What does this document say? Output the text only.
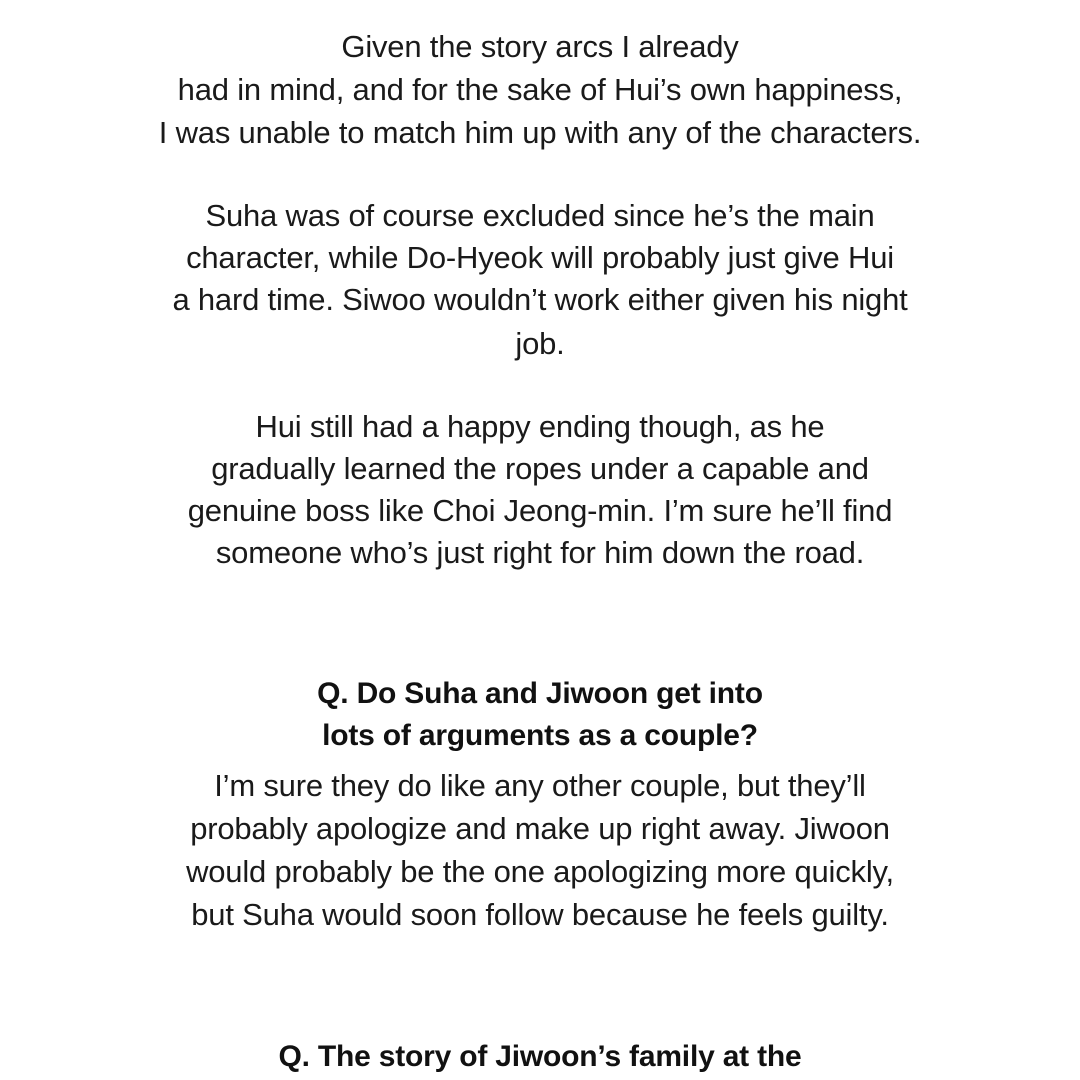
Given the story arcs I already
had in mind, and for the sake of Hui’s own happiness,
I was unable to match him up with any of the characters.
Suha was of course excluded since he’s the main
character, while Do-Hyeok will probably just give Hui
a hard time. Siwoo wouldn’t work either given his night
job.
Hui still had a happy ending though, as he
gradually learned the ropes under a capable and
genuine boss like Choi Jeong-min. I’m sure he’ll find
someone who’s just right for him down the road.
Q. Do Suha and Jiwoon get into
lots of arguments as a couple?
I’m sure they do like any other couple, but they’ll
probably apologize and make up right away. Jiwoon
would probably be the one apologizing more quickly,
but Suha would soon follow because he feels guilty.
Q. The story of Jiwoon’s family at the
